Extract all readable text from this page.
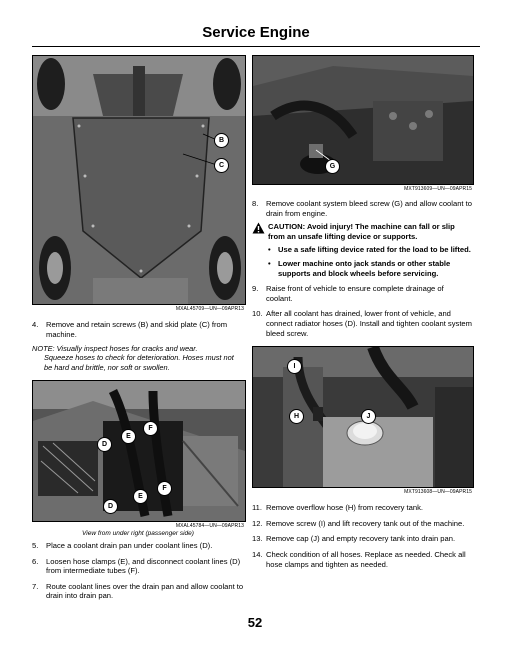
Service Engine
B
C
MXAL45709—UN—09APR13
4.	Remove and retain screws (B) and skid plate (C) from machine.
NOTE: Visually inspect hoses for cracks and wear.
Squeeze hoses to check for deterioration. Hoses must not be hard and brittle, nor soft or swollen.
D
E
F
E
F
D
MXAL45784—UN—09APR13
View from under right (passenger side)
5.	Place a coolant drain pan under coolant lines (D).
6.	Loosen hose clamps (E), and disconnect coolant lines (D) from intermediate tubes (F).
7.	Route coolant lines over the drain pan and allow coolant to drain into drain pan.
G
MXT913609—UN—09APR15
8.	Remove coolant system bleed screw (G) and allow coolant to drain from engine.
CAUTION: Avoid injury! The machine can fall or slip from an unsafe lifting device or supports.
• Use a safe lifting device rated for the load to be lifted.
• Lower machine onto jack stands or other stable supports and block wheels before servicing.
9.	Raise front of vehicle to ensure complete drainage of coolant.
10. After all coolant has drained, lower front of vehicle, and connect radiator hoses (D). Install and tighten coolant system bleed screw.
I
H	J
MXT913608—UN—09APR15
11. Remove overflow hose (H) from recovery tank.
12. Remove screw (I) and lift recovery tank out of the machine.
13. Remove cap (J) and empty recovery tank into drain pan.
14. Check condition of all hoses. Replace as needed. Check all hose clamps and tighten as needed.
52
